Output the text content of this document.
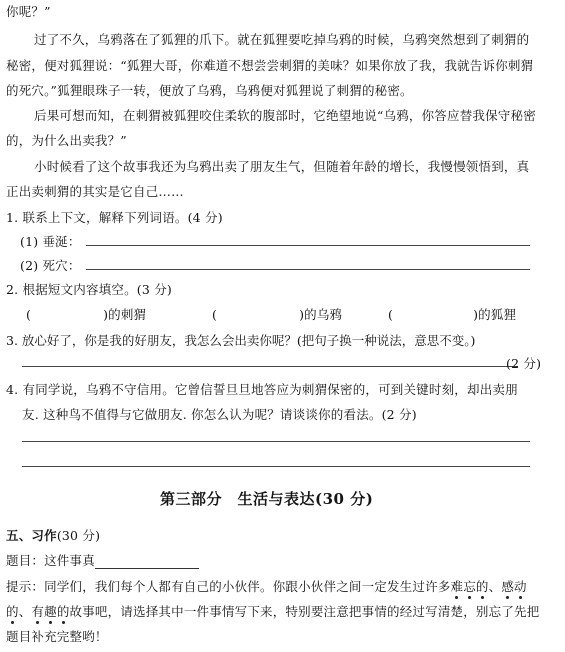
你呢？”
过了不久，乌鸦落在了狐狸的爪下。就在狐狸要吃掉乌鸦的时候，乌鸦突然想到了刺猬的
秘密，便对狐狸说：“狐狸大哥，你难道不想尝尝刺猬的美味？如果你放了我，我就告诉你刺猬
的死穴。”狐狸眼珠子一转，便放了乌鸦，乌鸦便对狐狸说了刺猬的秘密。
后果可想而知，在刺猬被狐狸咬住柔软的腹部时，它绝望地说“乌鸦，你答应替我保守秘密
的，为什么出卖我？”
小时候看了这个故事我还为乌鸦出卖了朋友生气，但随着年龄的增长，我慢慢领悟到，真
正出卖刺猬的其实是它自己……
1. 联系上下文，解释下列词语。(4 分)
(1) 垂涎：
(2) 死穴：
2. 根据短文内容填空。(3 分)
(	)的刺猬	(	)的乌鸦	(	)的狐狸
3. 放心好了，你是我的好朋友，我怎么会出卖你呢？(把句子换一种说法，意思不变。)
(2 分)
4. 有同学说，乌鸦不守信用。它曾信誓旦旦地答应为刺猬保密的，可到关键时刻，却出卖朋
友. 这种鸟不值得与它做朋友. 你怎么认为呢？请谈谈你的看法。(2 分)
第三部分　生活与表达(30 分)
五、习作(30 分)
题目：这件事真
提示：同学们，我们每个人都有自己的小伙伴。你跟小伙伴之间一定发生过许多难忘的、感动
的、有趣的故事吧，请选择其中一件事情写下来，特别要注意把事情的经过写清楚，别忘了先把
题目补充完整哟！
